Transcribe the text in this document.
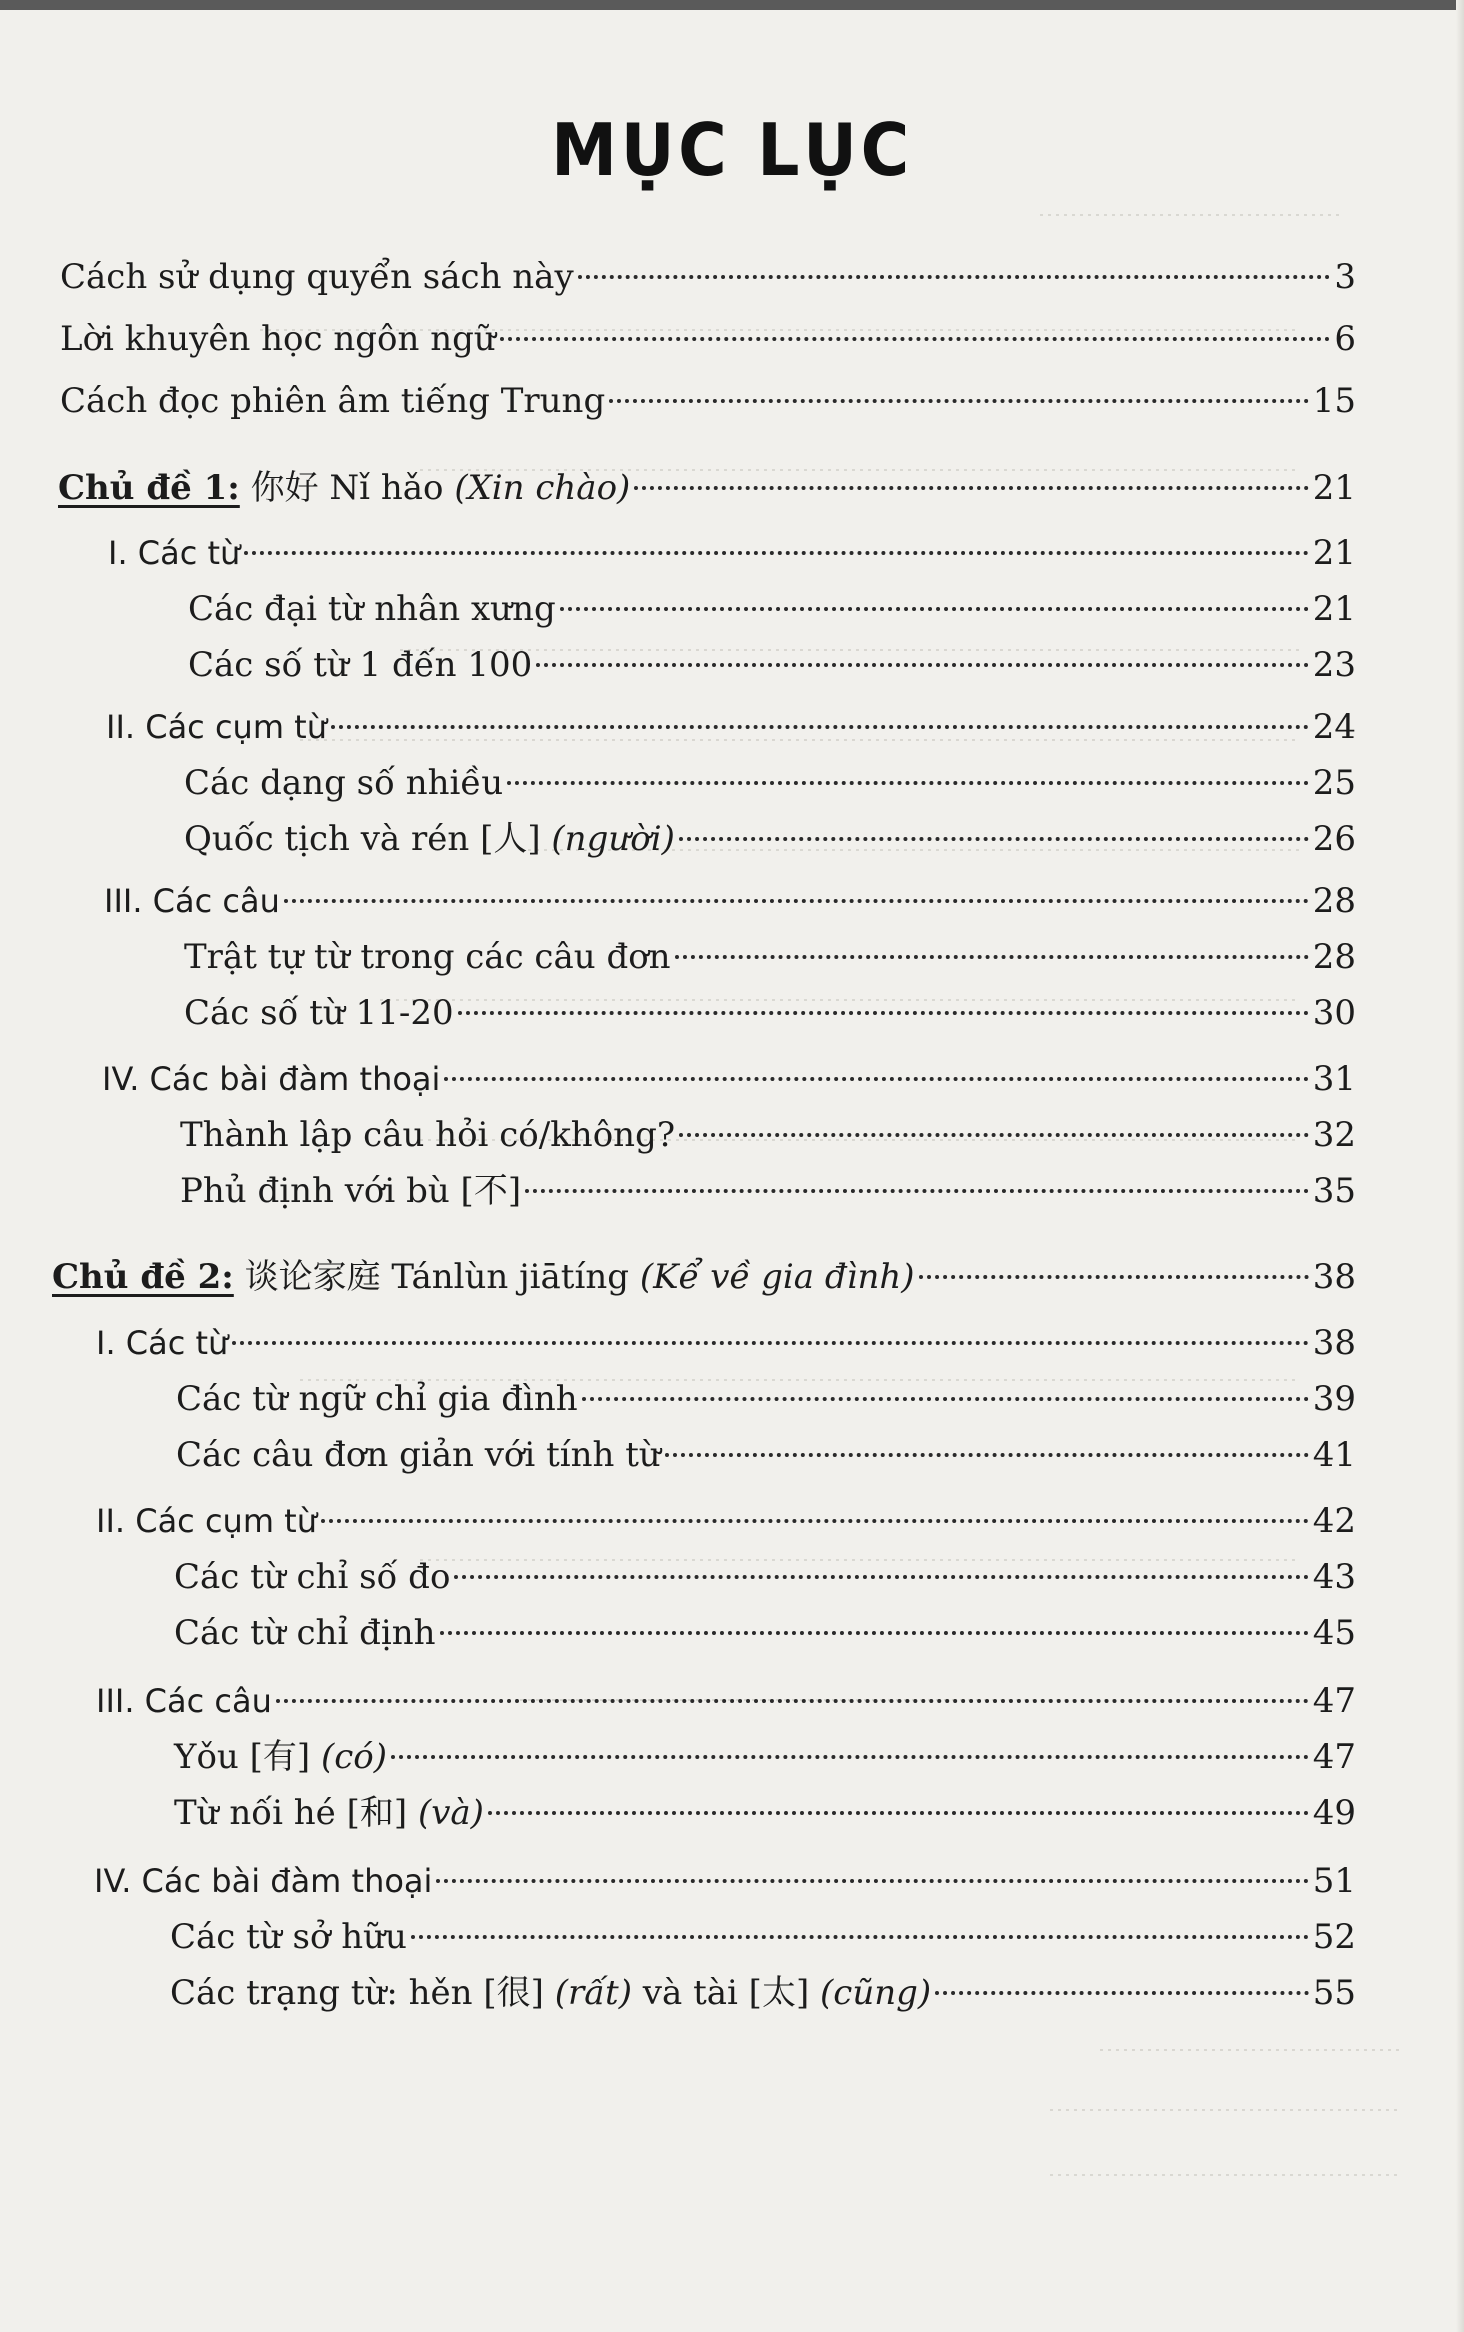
MỤC LỤC
Cách sử dụng quyển sách này	3
Lời khuyên học ngôn ngữ	6
Cách đọc phiên âm tiếng Trung	15
Chủ đề 1: 你好 Nǐ hǎo (Xin chào)	21
I. Các từ	21
Các đại từ nhân xưng	21
Các số từ 1 đến 100	23
II. Các cụm từ	24
Các dạng số nhiều	25
Quốc tịch và rén [人] (người)	26
III. Các câu	28
Trật tự từ trong các câu đơn	28
Các số từ 11-20	30
IV. Các bài đàm thoại	31
Thành lập câu hỏi có/không?	32
Phủ định với bù [不]	35
Chủ đề 2: 谈论家庭 Tánlùn jiātíng (Kể về gia đình)	38
I. Các từ	38
Các từ ngữ chỉ gia đình	39
Các câu đơn giản với tính từ	41
II. Các cụm từ	42
Các từ chỉ số đo	43
Các từ chỉ định	45
III. Các câu	47
Yǒu [有] (có)	47
Từ nối hé [和] (và)	49
IV. Các bài đàm thoại	51
Các từ sở hữu	52
Các trạng từ: hěn [很] (rất) và tài [太] (cũng)	55
